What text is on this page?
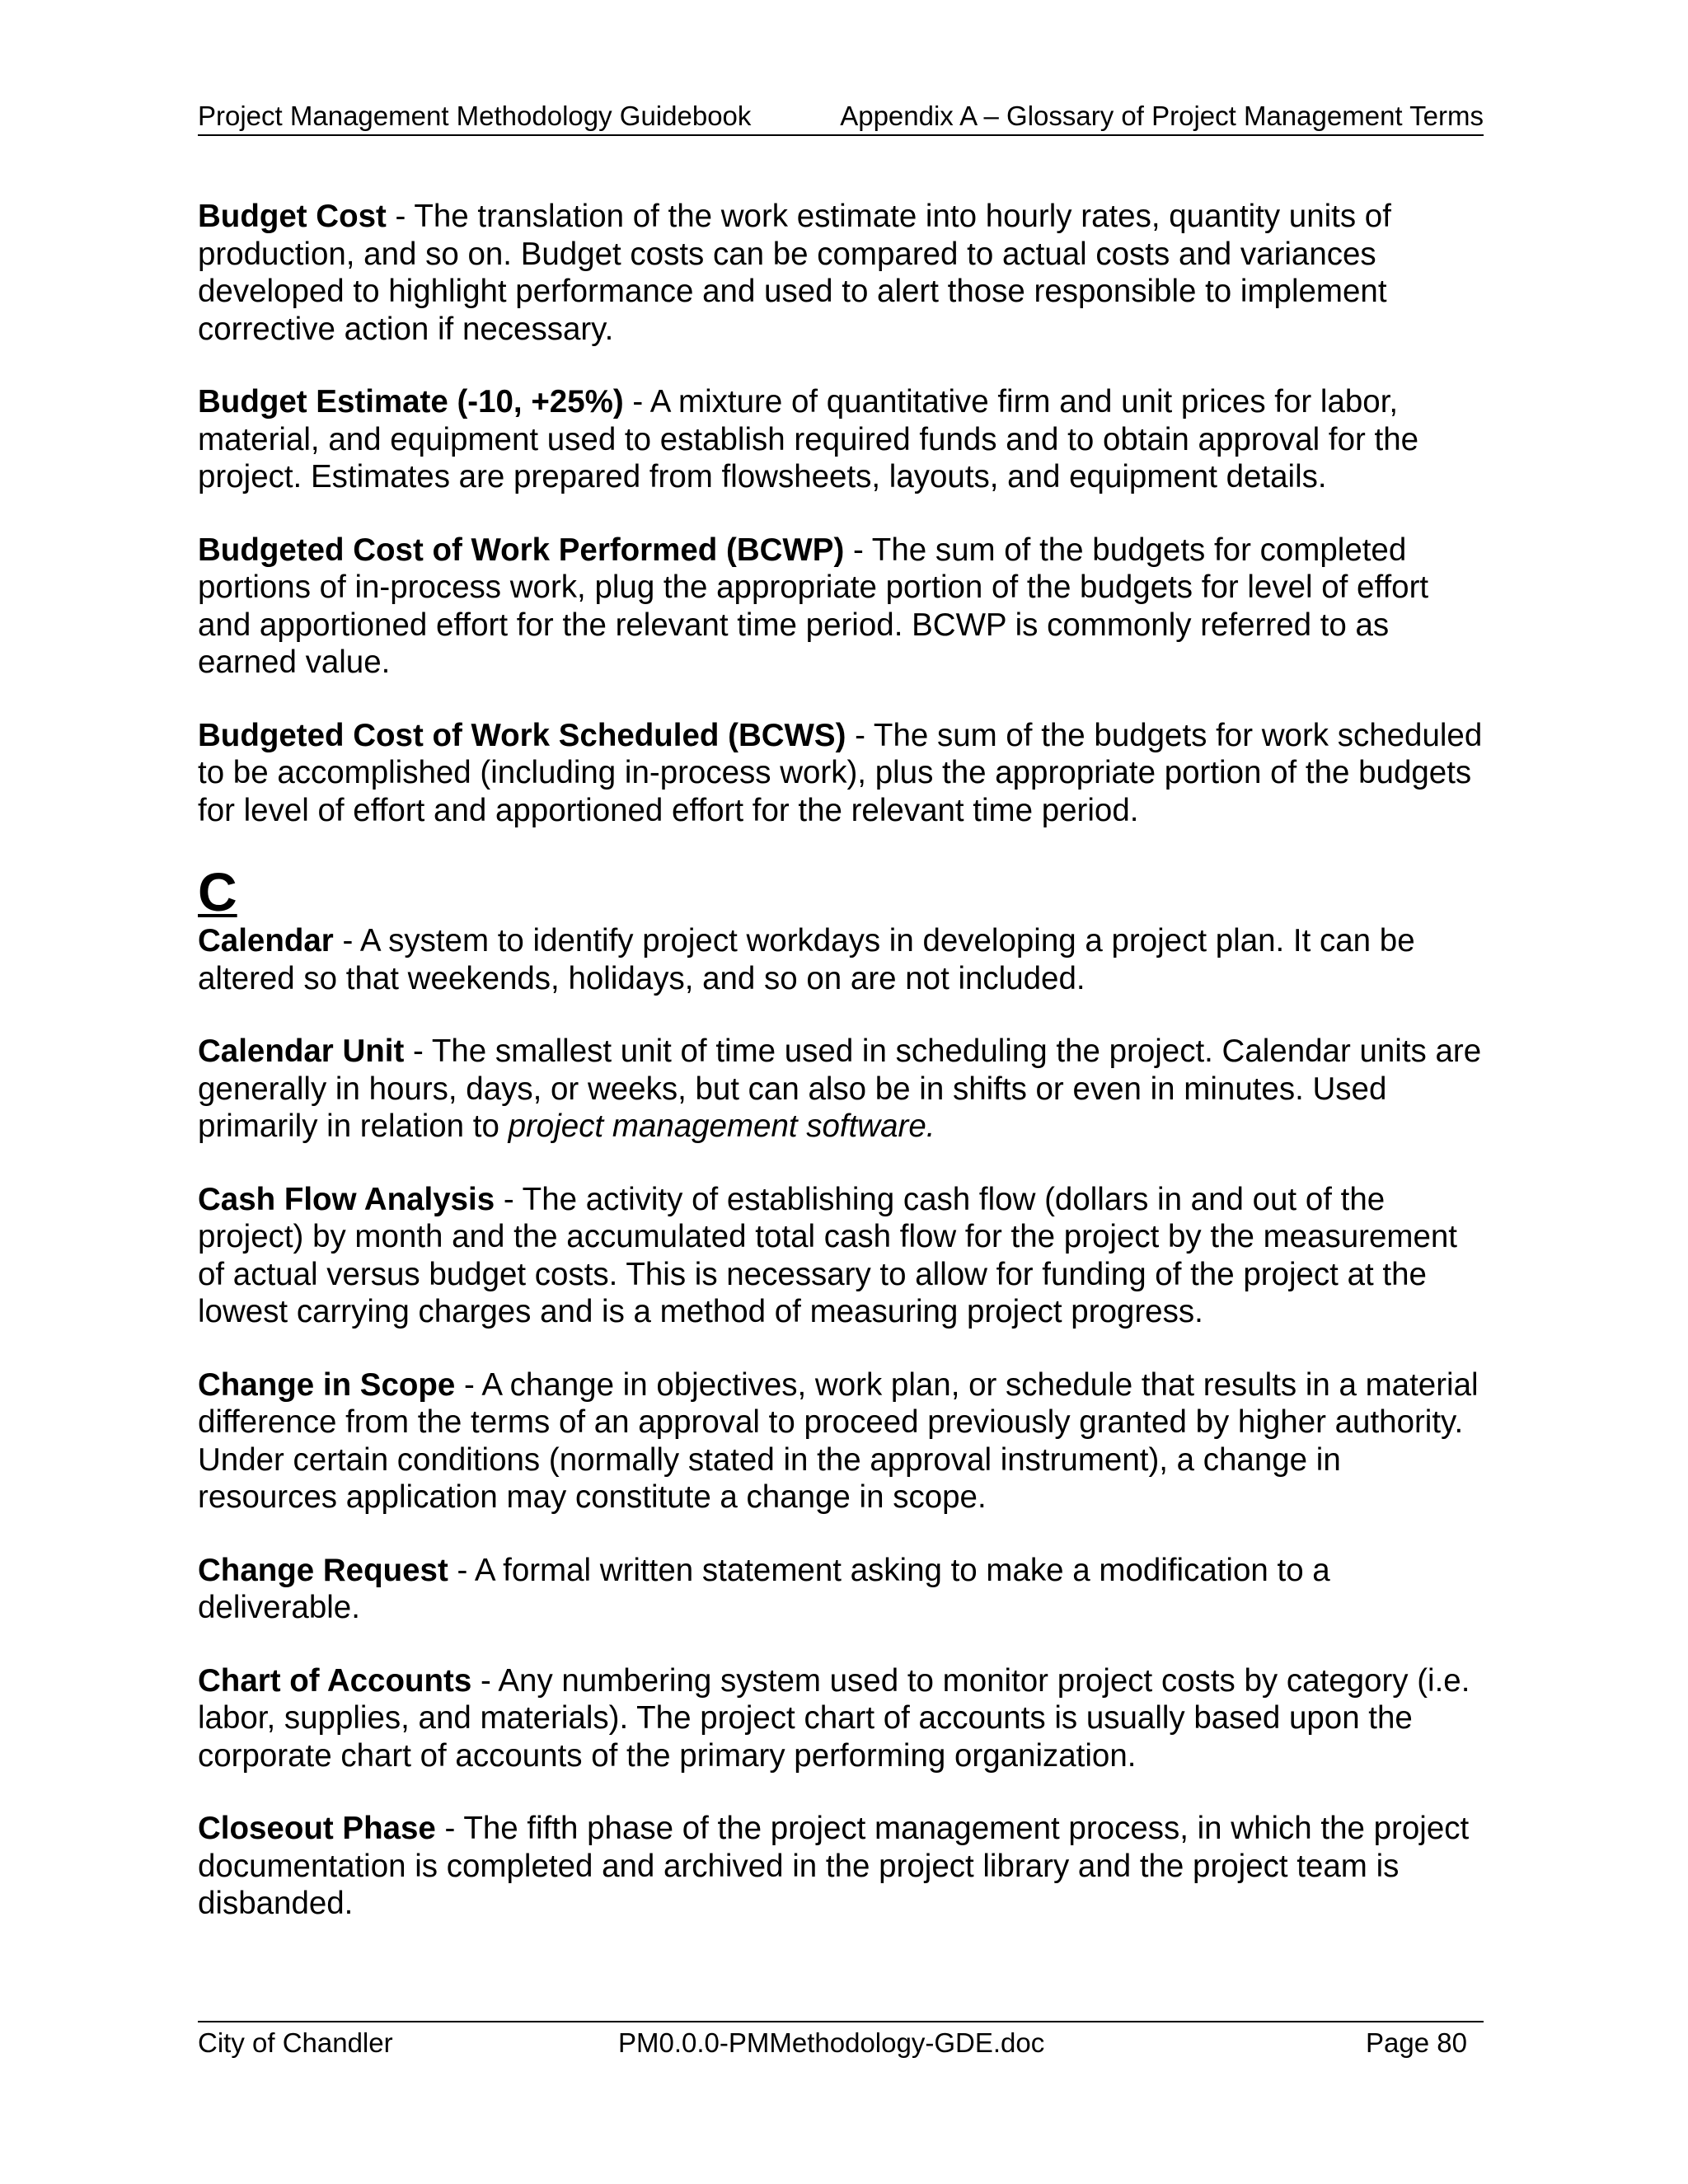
Project Management Methodology Guidebook	Appendix A – Glossary of Project Management Terms

Budget Cost - The translation of the work estimate into hourly rates, quantity units of production, and so on. Budget costs can be compared to actual costs and variances developed to highlight performance and used to alert those responsible to implement corrective action if necessary.

Budget Estimate (-10, +25%) - A mixture of quantitative firm and unit prices for labor, material, and equipment used to establish required funds and to obtain approval for the project. Estimates are prepared from flowsheets, layouts, and equipment details.

Budgeted Cost of Work Performed (BCWP) - The sum of the budgets for completed portions of in-process work, plug the appropriate portion of the budgets for level of effort and apportioned effort for the relevant time period. BCWP is commonly referred to as earned value.

Budgeted Cost of Work Scheduled (BCWS) - The sum of the budgets for work scheduled to be accomplished (including in-process work), plus the appropriate portion of the budgets for level of effort and apportioned effort for the relevant time period.

C

Calendar - A system to identify project workdays in developing a project plan. It can be altered so that weekends, holidays, and so on are not included.

Calendar Unit - The smallest unit of time used in scheduling the project. Calendar units are generally in hours, days, or weeks, but can also be in shifts or even in minutes. Used primarily in relation to project management software.

Cash Flow Analysis - The activity of establishing cash flow (dollars in and out of the project) by month and the accumulated total cash flow for the project by the measurement of actual versus budget costs. This is necessary to allow for funding of the project at the lowest carrying charges and is a method of measuring project progress.

Change in Scope - A change in objectives, work plan, or schedule that results in a material difference from the terms of an approval to proceed previously granted by higher authority. Under certain conditions (normally stated in the approval instrument), a change in resources application may constitute a change in scope.

Change Request - A formal written statement asking to make a modification to a deliverable.

Chart of Accounts - Any numbering system used to monitor project costs by category (i.e. labor, supplies, and materials). The project chart of accounts is usually based upon the corporate chart of accounts of the primary performing organization.

Closeout Phase - The fifth phase of the project management process, in which the project documentation is completed and archived in the project library and the project team is disbanded.

City of Chandler	PM0.0.0-PMMethodology-GDE.doc	Page 80
